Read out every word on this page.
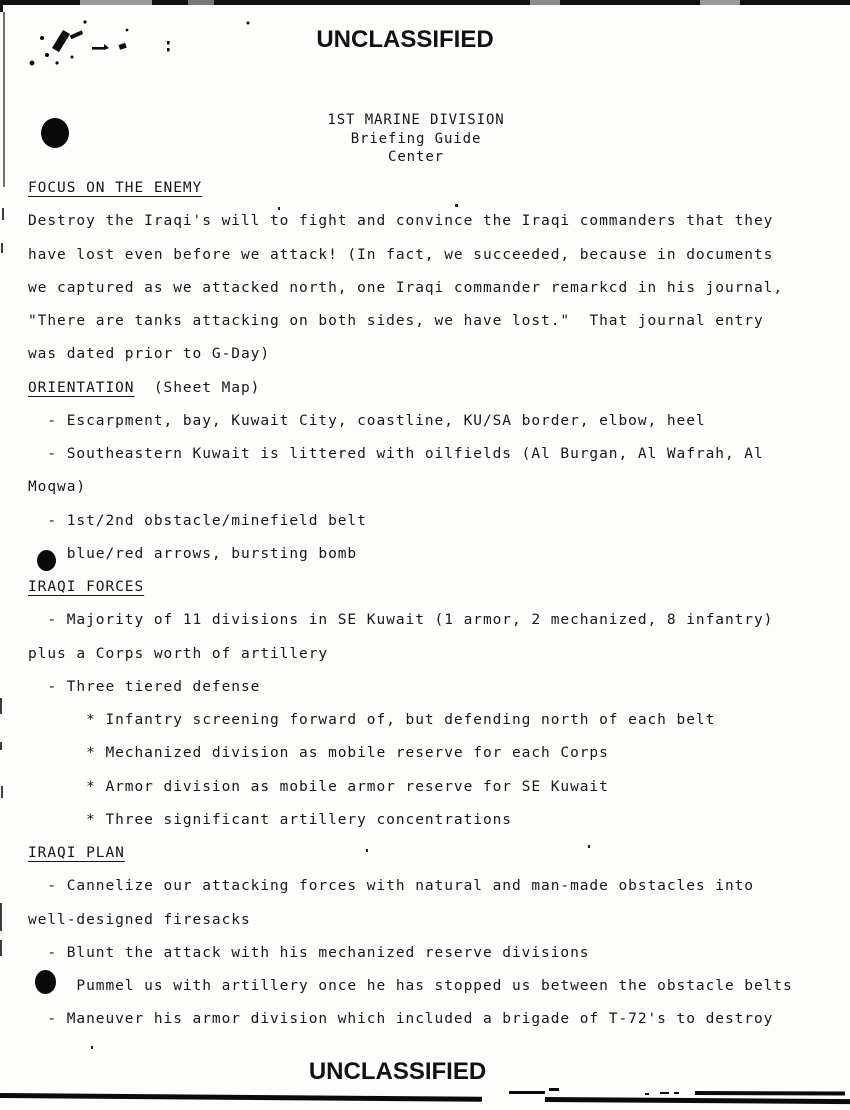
UNCLASSIFIED
1ST MARINE DIVISION
Briefing Guide
Center
FOCUS ON THE ENEMY
Destroy the Iraqi's will to fight and convince the Iraqi commanders that they
have lost even before we attack! (In fact, we succeeded, because in documents
we captured as we attacked north, one Iraqi commander remarkcd in his journal,
"There are tanks attacking on both sides, we have lost."  That journal entry
was dated prior to G-Day)
ORIENTATION  (Sheet Map)
- Escarpment, bay, Kuwait City, coastline, KU/SA border, elbow, heel
- Southeastern Kuwait is littered with oilfields (Al Burgan, Al Wafrah, Al
Moqwa)
- 1st/2nd obstacle/minefield belt
blue/red arrows, bursting bomb
IRAQI FORCES
- Majority of 11 divisions in SE Kuwait (1 armor, 2 mechanized, 8 infantry)
plus a Corps worth of artillery
- Three tiered defense
* Infantry screening forward of, but defending north of each belt
* Mechanized division as mobile reserve for each Corps
* Armor division as mobile armor reserve for SE Kuwait
* Three significant artillery concentrations
IRAQI PLAN
- Cannelize our attacking forces with natural and man-made obstacles into
well-designed firesacks
- Blunt the attack with his mechanized reserve divisions
Pummel us with artillery once he has stopped us between the obstacle belts
- Maneuver his armor division which included a brigade of T-72's to destroy
UNCLASSIFIED
